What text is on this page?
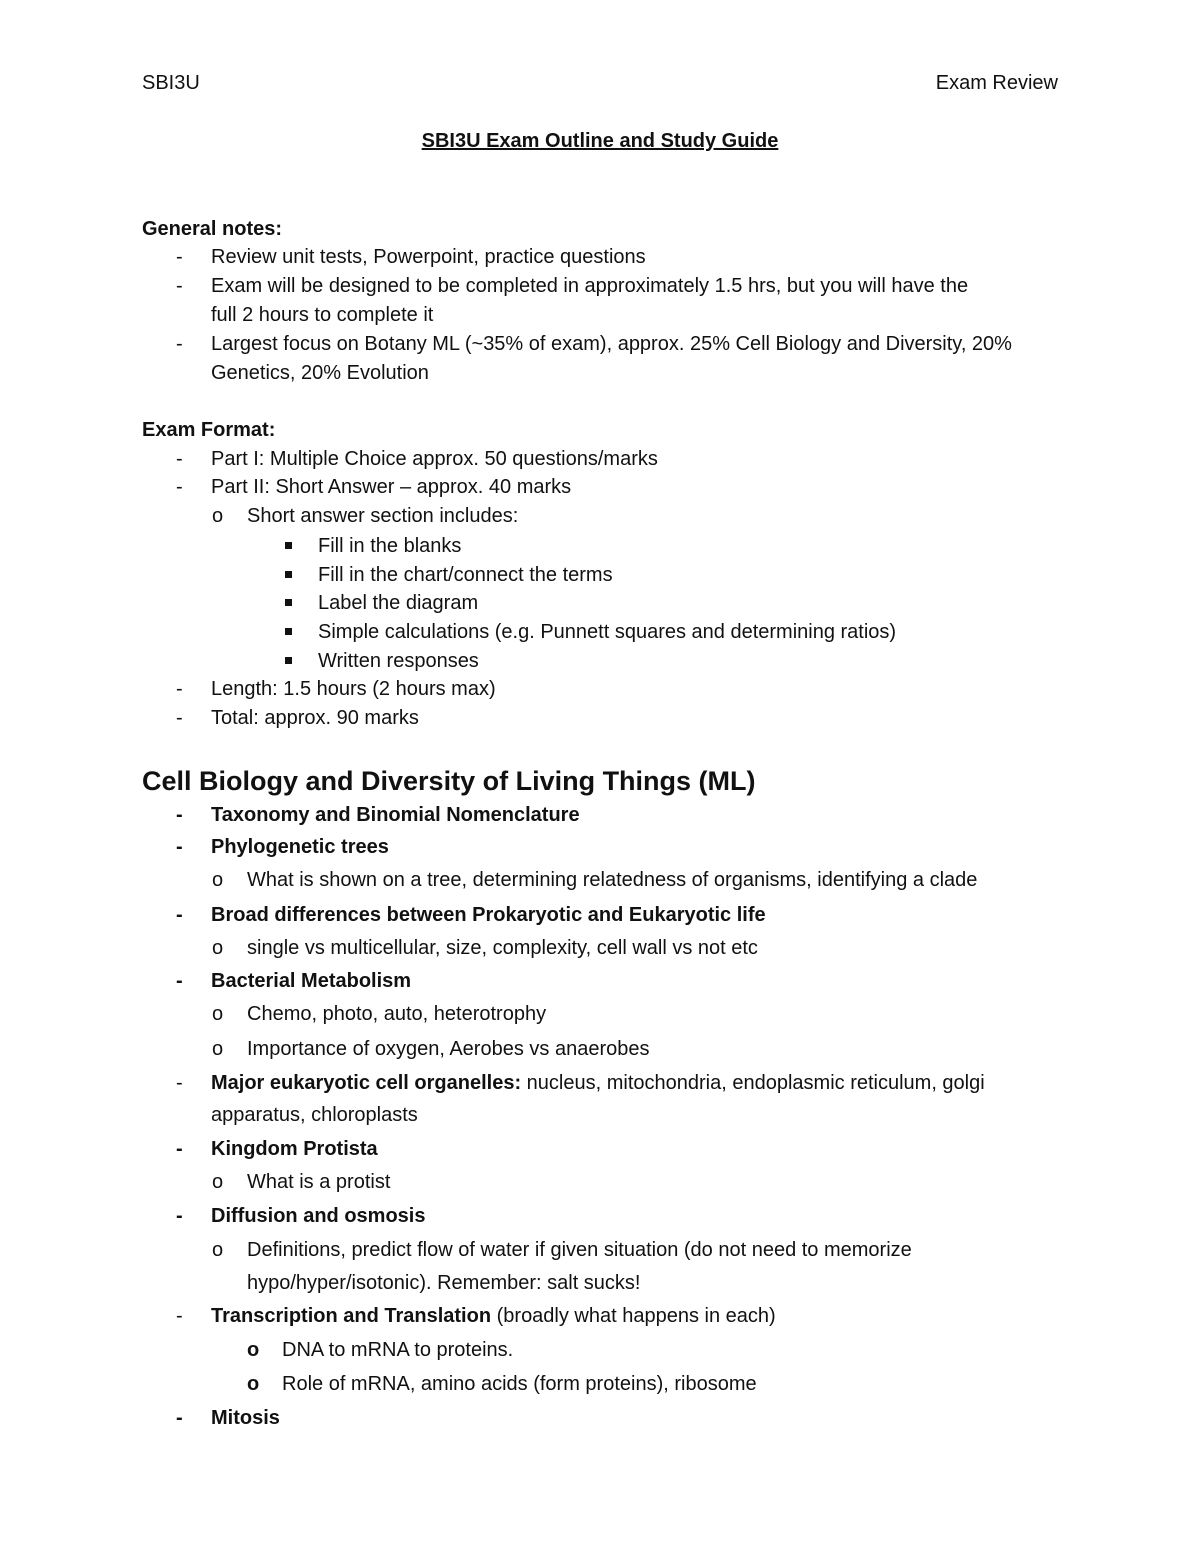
SBI3U	Exam Review
SBI3U Exam Outline and Study Guide
General notes:
-	Review unit tests, Powerpoint, practice questions
-	Exam will be designed to be completed in approximately 1.5 hrs, but you will have the
full 2 hours to complete it
-	Largest focus on Botany ML (~35% of exam), approx. 25% Cell Biology and Diversity, 20%
Genetics, 20% Evolution
Exam Format:
-	Part I: Multiple Choice approx. 50 questions/marks
-	Part II: Short Answer – approx. 40 marks
o	Short answer section includes:
Fill in the blanks
Fill in the chart/connect the terms
Label the diagram
Simple calculations (e.g. Punnett squares and determining ratios)
Written responses
-	Length: 1.5 hours (2 hours max)
-	Total: approx. 90 marks
Cell Biology and Diversity of Living Things (ML)
-	Taxonomy and Binomial Nomenclature
-	Phylogenetic trees
o	What is shown on a tree, determining relatedness of organisms, identifying a clade
-	Broad differences between Prokaryotic and Eukaryotic life
o	single vs multicellular, size, complexity, cell wall vs not etc
-	Bacterial Metabolism
o	Chemo, photo, auto, heterotrophy
o	Importance of oxygen, Aerobes vs anaerobes
-	Major eukaryotic cell organelles: nucleus, mitochondria, endoplasmic reticulum, golgi
apparatus, chloroplasts
-	Kingdom Protista
o	What is a protist
-	Diffusion and osmosis
o	Definitions, predict flow of water if given situation (do not need to memorize
hypo/hyper/isotonic). Remember: salt sucks!
-	Transcription and Translation (broadly what happens in each)
o	DNA to mRNA to proteins.
o	Role of mRNA, amino acids (form proteins), ribosome
-	Mitosis
